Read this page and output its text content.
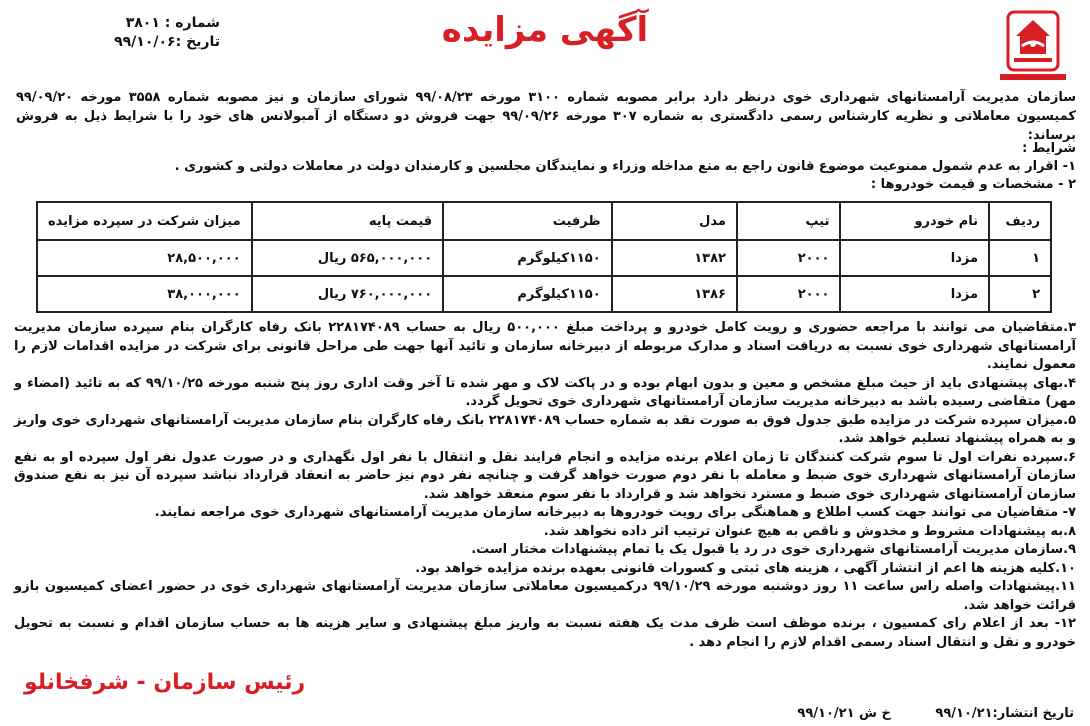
آگهی مزایده
شماره : ۳۸۰۱
تاریخ :۹۹/۱۰/۰۶

سازمان مدیریت آرامستانهای شهرداری خوی درنظر دارد برابر مصوبه شماره ۳۱۰۰ مورخه ۹۹/۰۸/۲۳ شورای سازمان و نیز مصوبه شماره ۳۵۵۸ مورخه ۹۹/۰۹/۲۰ کمیسیون معاملاتی و نظریه کارشناس رسمی دادگستری به شماره ۳۰۷ مورخه ۹۹/۰۹/۲۶ جهت فروش دو دستگاه از آمبولانس های خود را با شرایط ذیل به فروش برساند:

شرایط :

۱- اقرار به عدم شمول ممنوعیت موضوع قانون راجع به منع مداخله وزراء و نمایندگان مجلسین و کارمندان دولت در معاملات دولتی و کشوری .

۲ - مشخصات و قیمت خودروها :

ردیف	نام خودرو	تیپ	مدل	ظرفیت	قیمت پایه	میزان شرکت در سپرده مزایده
۱	مزدا	۲۰۰۰	۱۳۸۲	۱۱۵۰کیلوگرم	۵۶۵,۰۰۰,۰۰۰ ریال	۲۸,۵۰۰,۰۰۰
۲	مزدا	۲۰۰۰	۱۳۸۶	۱۱۵۰کیلوگرم	۷۶۰,۰۰۰,۰۰۰ ریال	۳۸,۰۰۰,۰۰۰

۳.متقاضیان می توانند با مراجعه حضوری و رویت کامل خودرو و پرداخت مبلغ ۵۰۰,۰۰۰ ریال به حساب ۲۲۸۱۷۴۰۸۹ بانک رفاه کارگران بنام سپرده سازمان مدیریت آرامستانهای شهرداری خوی نسبت به دریافت اسناد و مدارک مربوطه از دبیرخانه سازمان و تائید آنها جهت طی مراحل قانونی برای شرکت در مزایده اقدامات لازم را معمول نمایند.

۴.بهای پیشنهادی باید از حیث مبلغ مشخص و معین و بدون ابهام بوده و در پاکت لاک و مهر شده تا آخر وقت اداری روز پنج شنبه مورخه ۹۹/۱۰/۲۵ که به تائید (امضاء و مهر) متقاضی رسیده باشد به دبیرخانه مدیریت سازمان آرامستانهای شهرداری خوی تحویل گردد.

۵.میزان سپرده شرکت در مزایده طبق جدول فوق به صورت نقد به شماره حساب ۲۲۸۱۷۴۰۸۹ بانک رفاه کارگران بنام سازمان مدیریت آرامستانهای شهرداری خوی واریز و به همراه پیشنهاد تسلیم خواهد شد.

۶.سپرده نفرات اول تا سوم شرکت کنندگان تا زمان اعلام برنده مزایده و انجام فرایند نقل و انتقال با نفر اول نگهداری و در صورت عدول نفر اول سپرده او به نفع سازمان آرامستانهای شهرداری خوی ضبط و معامله با نفر دوم صورت خواهد گرفت و چنانچه نفر دوم نیز حاضر به انعقاد قرارداد نباشد سپرده آن نیز به نفع صندوق سازمان آرامستانهای شهرداری خوی ضبط و مسترد نخواهد شد و قرارداد با نفر سوم منعقد خواهد شد.

۷- متقاضیان می توانند جهت کسب اطلاع و هماهنگی برای رویت خودروها به دبیرخانه سازمان مدیریت آرامستانهای شهرداری خوی مراجعه نمایند.

۸.به پیشنهادات مشروط و مخدوش و ناقص به هیچ عنوان ترتیب اثر داده نخواهد شد.

۹.سازمان مدیریت آرامستانهای شهرداری خوی در رد یا قبول یک یا تمام پیشنهادات مختار است.

۱۰.کلیه هزینه ها اعم از انتشار آگهی ، هزینه های ثبتی و کسورات قانونی بعهده برنده مزایده خواهد بود.

۱۱.پیشنهادات واصله راس ساعت ۱۱ روز دوشنبه مورخه ۹۹/۱۰/۲۹ درکمیسیون معاملاتی سازمان مدیریت آرامستانهای شهرداری خوی در حضور اعضای کمیسیون بازو قرائت خواهد شد.

۱۲- بعد از اعلام رای کمسیون ، برنده موظف است ظرف مدت یک هفته نسبت به واریز مبلغ پیشنهادی و سایر هزینه ها به حساب سازمان اقدام و نسبت به تحویل خودرو و نقل و انتقال اسناد رسمی اقدام لازم را انجام دهد .

رئیس سازمان - شرفخانلو
تاریخ انتشار:۹۹/۱۰/۲۱ خ ش ۹۹/۱۰/۲۱
